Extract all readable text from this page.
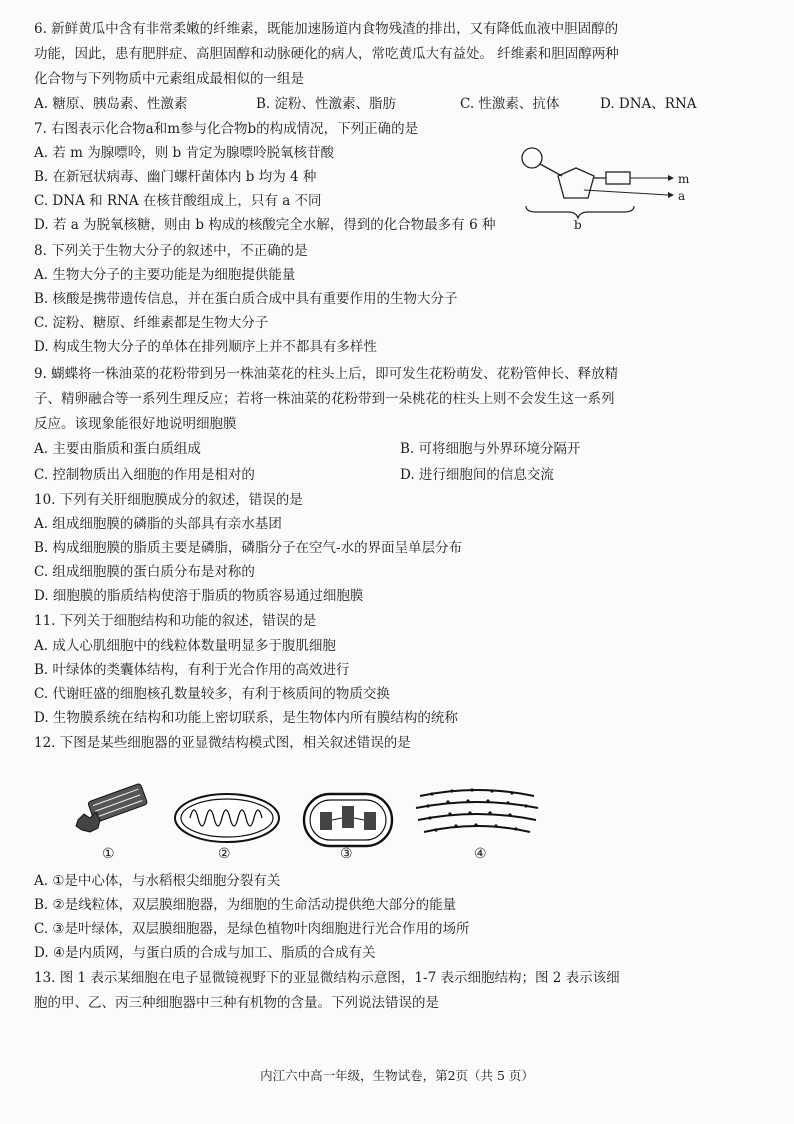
6. 新鲜黄瓜中含有非常柔嫩的纤维素，既能加速肠道内食物残渣的排出，又有降低血液中胆固醇的
功能，因此，患有肥胖症、高胆固醇和动脉硬化的病人，常吃黄瓜大有益处。 纤维素和胆固醇两种
化合物与下列物质中元素组成最相似的一组是
A. 糖原、胰岛素、性激素	B. 淀粉、性激素、脂肪	C. 性激素、抗体	D. DNA、RNA
7. 右图表示化合物a和m参与化合物b的构成情况，下列正确的是
A. 若 m 为腺嘌呤，则 b 肯定为腺嘌呤脱氧核苷酸
B. 在新冠状病毒、幽门螺杆菌体内 b 均为 4 种
C. DNA 和 RNA 在核苷酸组成上，只有 a 不同
D. 若 a 为脱氧核糖，则由 b 构成的核酸完全水解，得到的化合物最多有 6 种
m
a
b
8. 下列关于生物大分子的叙述中，不正确的是
A. 生物大分子的主要功能是为细胞提供能量
B. 核酸是携带遗传信息，并在蛋白质合成中具有重要作用的生物大分子
C. 淀粉、糖原、纤维素都是生物大分子
D. 构成生物大分子的单体在排列顺序上并不都具有多样性
9. 蝴蝶将一株油菜的花粉带到另一株油菜花的柱头上后，即可发生花粉萌发、花粉管伸长、释放精
子、精卵融合等一系列生理反应；若将一株油菜的花粉带到一朵桃花的柱头上则不会发生这一系列
反应。该现象能很好地说明细胞膜
A. 主要由脂质和蛋白质组成	B. 可将细胞与外界环境分隔开
C. 控制物质出入细胞的作用是相对的	D. 进行细胞间的信息交流
10. 下列有关肝细胞膜成分的叙述，错误的是
A. 组成细胞膜的磷脂的头部具有亲水基团
B. 构成细胞膜的脂质主要是磷脂，磷脂分子在空气-水的界面呈单层分布
C. 组成细胞膜的蛋白质分布是对称的
D. 细胞膜的脂质结构使溶于脂质的物质容易通过细胞膜
11. 下列关于细胞结构和功能的叙述，错误的是
A. 成人心肌细胞中的线粒体数量明显多于腹肌细胞
B. 叶绿体的类囊体结构，有利于光合作用的高效进行
C. 代谢旺盛的细胞核孔数量较多，有利于核质间的物质交换
D. 生物膜系统在结构和功能上密切联系，是生物体内所有膜结构的统称
12. 下图是某些细胞器的亚显微结构模式图，相关叙述错误的是
①	②	③	④
A. ①是中心体，与水稻根尖细胞分裂有关
B. ②是线粒体，双层膜细胞器，为细胞的生命活动提供绝大部分的能量
C. ③是叶绿体，双层膜细胞器，是绿色植物叶肉细胞进行光合作用的场所
D. ④是内质网，与蛋白质的合成与加工、脂质的合成有关
13. 图 1 表示某细胞在电子显微镜视野下的亚显微结构示意图，1-7 表示细胞结构；图 2 表示该细
胞的甲、乙、丙三种细胞器中三种有机物的含量。下列说法错误的是
内江六中高一年级，生物试卷，第2页（共 5 页）
